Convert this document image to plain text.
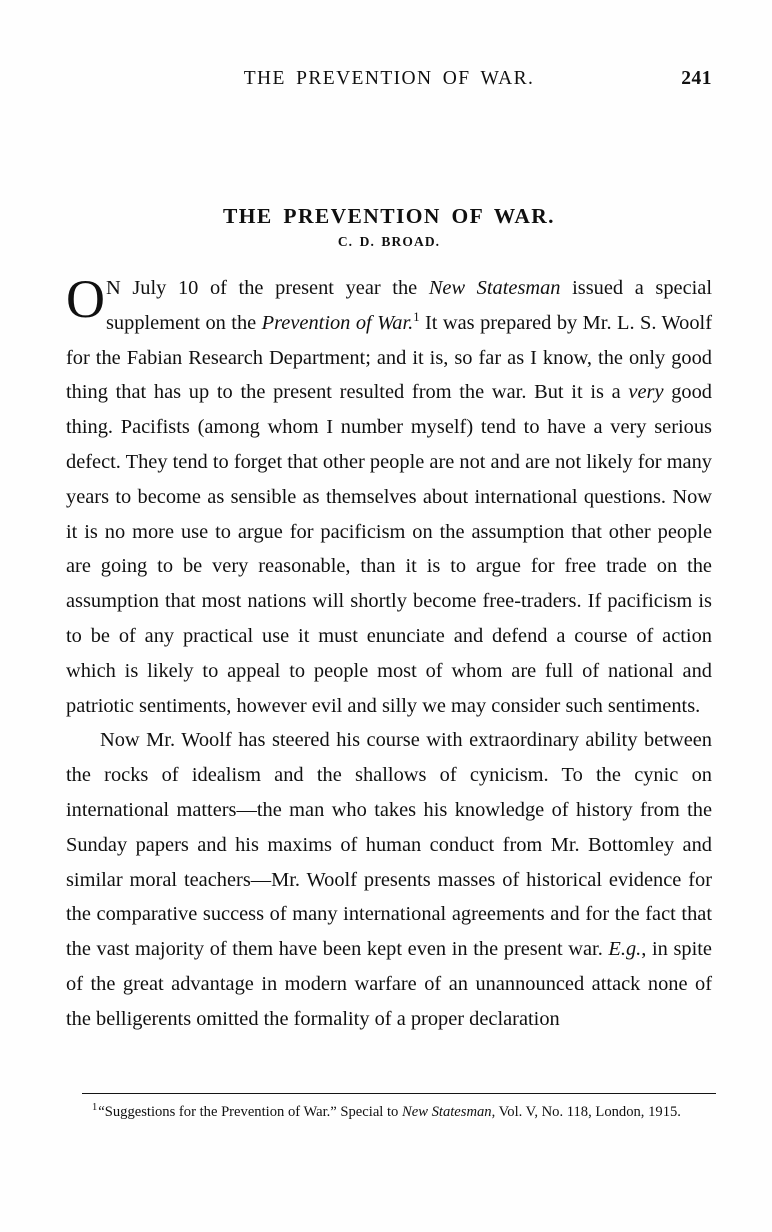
THE PREVENTION OF WAR.	241
THE PREVENTION OF WAR.
C. D. BROAD.

O N July 10 of the present year the New Statesman issued a special supplement on the Prevention of War.$^1$ It was prepared by Mr. L. S. Woolf for the Fabian Research Department; and it is, so far as I know, the only good thing that has up to the present resulted from the war. But it is a very good thing. Pacifists (among whom I number myself) tend to have a very serious defect. They tend to forget that other people are not and are not likely for many years to become as sensible as themselves about international questions. Now it is no more use to argue for pacificism on the assumption that other people are going to be very reasonable, than it is to argue for free trade on the assumption that most nations will shortly become free-traders. If pacificism is to be of any practical use it must enunciate and defend a course of action which is likely to appeal to people most of whom are full of national and patriotic sentiments, however evil and silly we may consider such sentiments.

Now Mr. Woolf has steered his course with extraordinary ability between the rocks of idealism and the shallows of cynicism. To the cynic on international matters—the man who takes his knowledge of history from the Sunday papers and his maxims of human conduct from Mr. Bottomley and similar moral teachers—Mr. Woolf presents masses of historical evidence for the comparative success of many international agreements and for the fact that the vast majority of them have been kept even in the present war. E.g., in spite of the great advantage in modern warfare of an unannounced attack none of the belligerents omitted the formality of a proper declaration

$^1$“Suggestions for the Prevention of War.” Special to New Statesman, Vol. V, No. 118, London, 1915.
